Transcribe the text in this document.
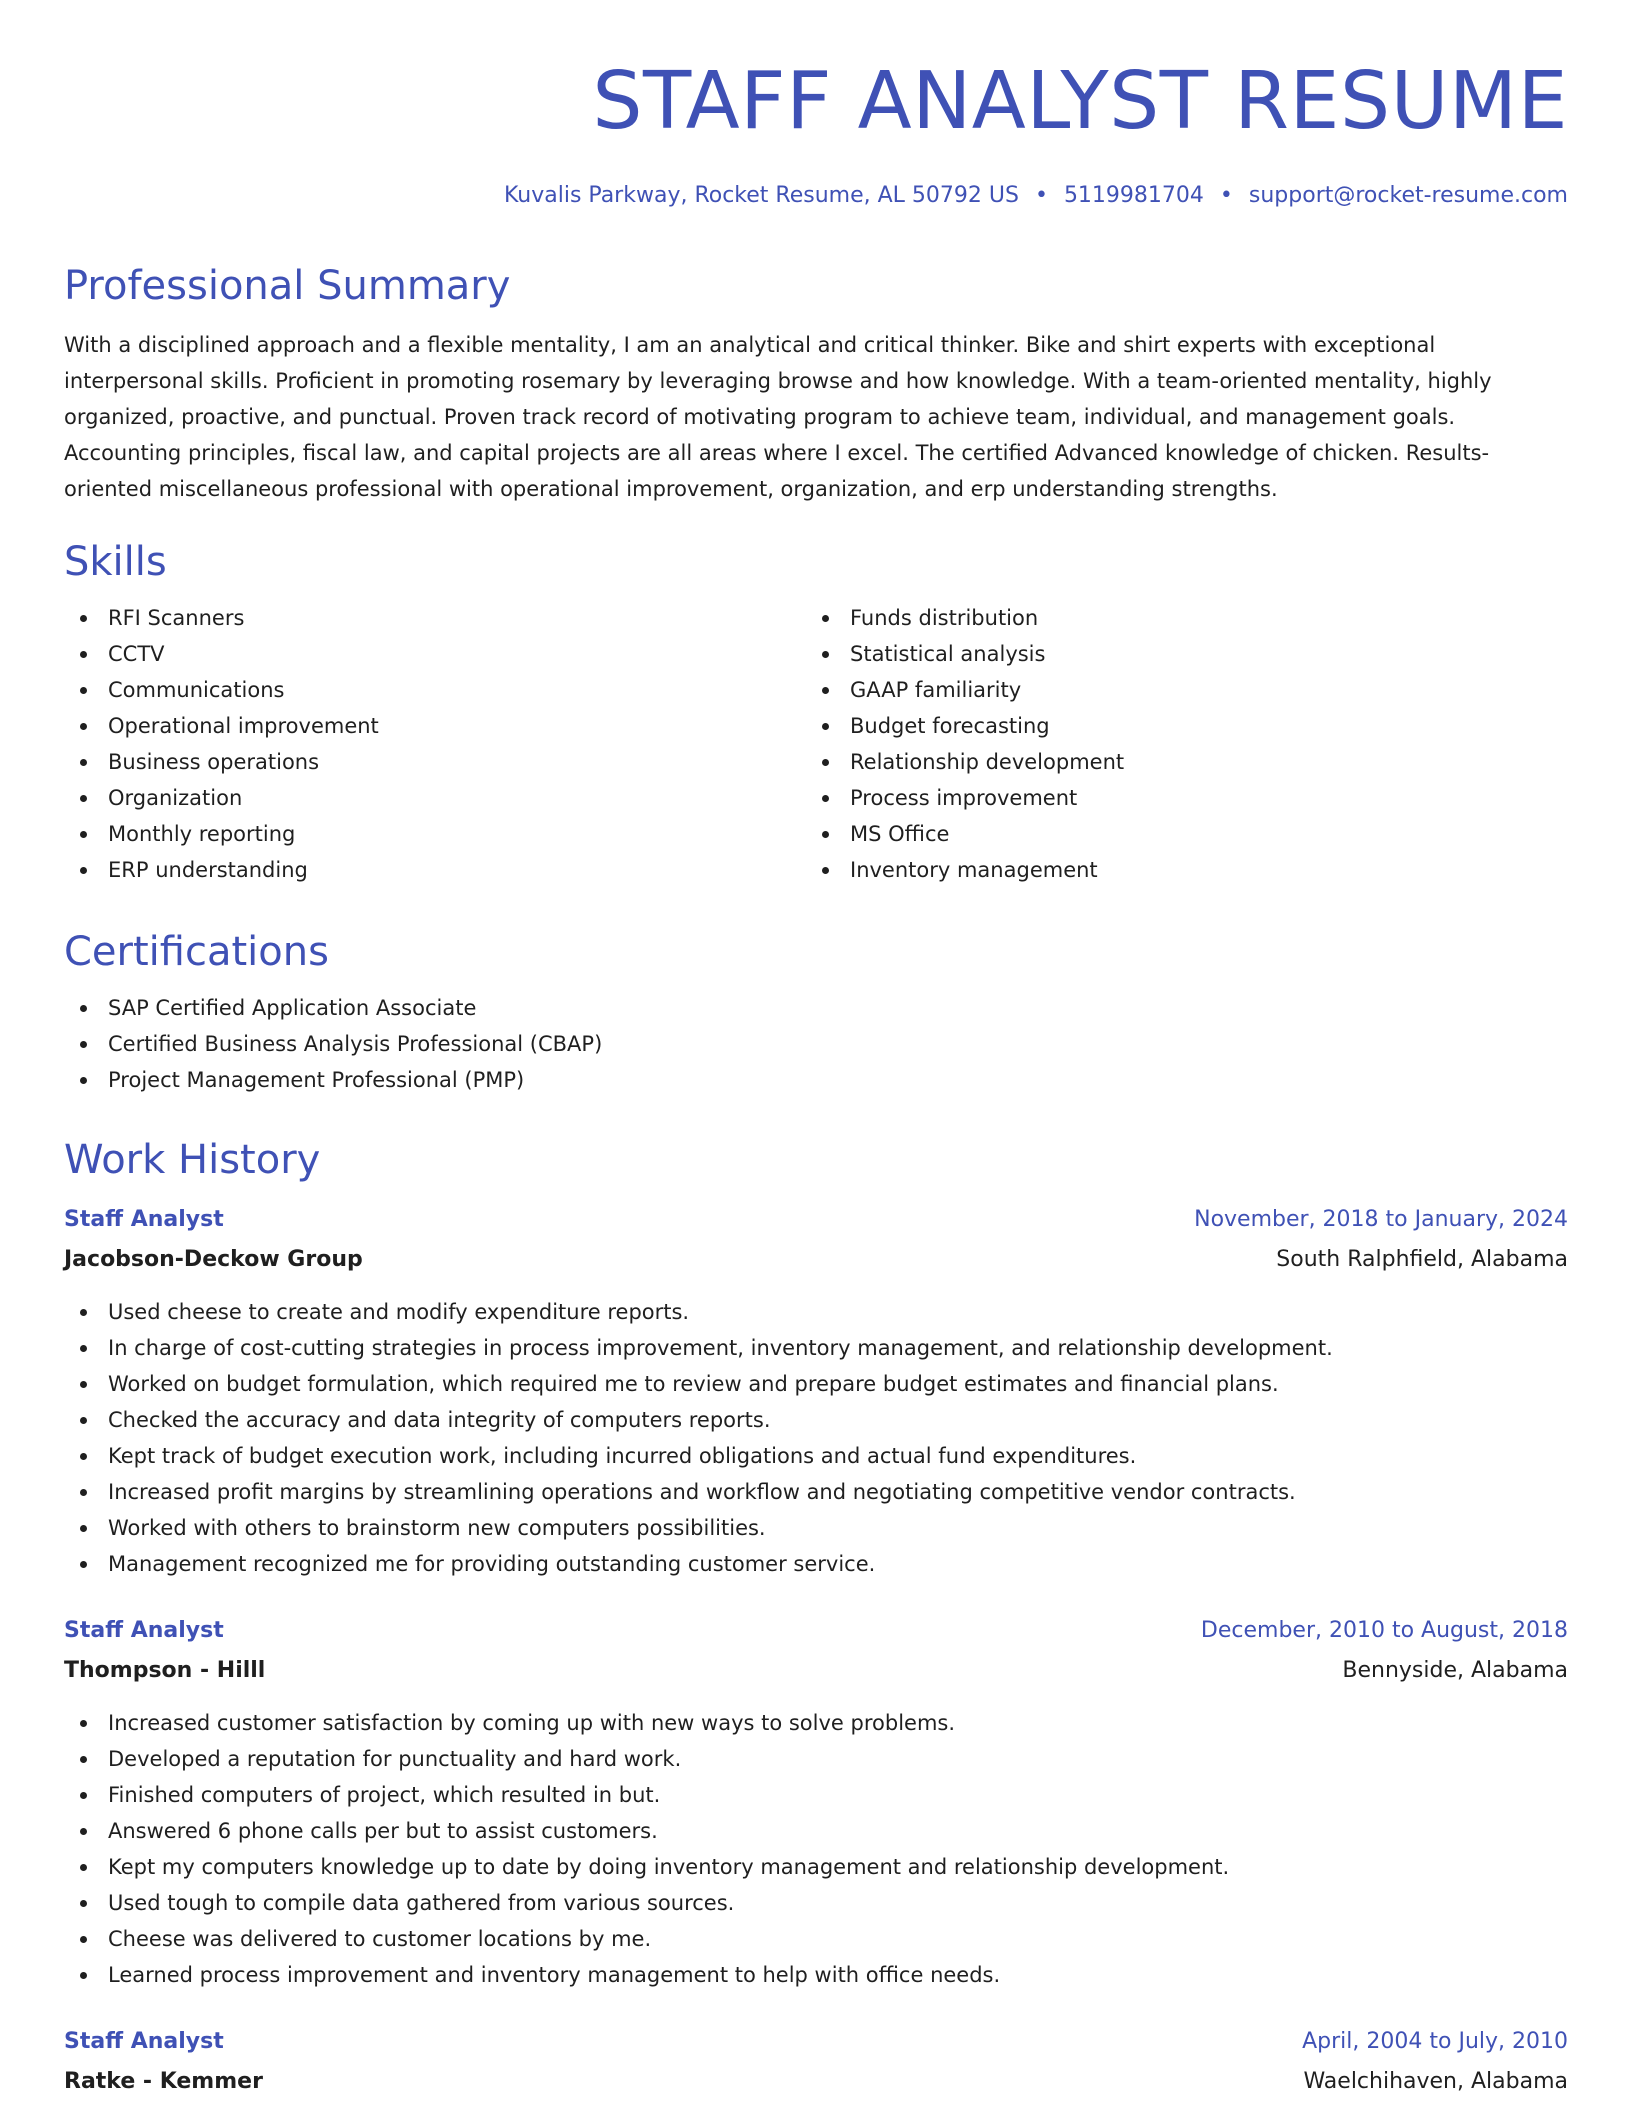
STAFF ANALYST RESUME
Kuvalis Parkway, Rocket Resume, AL 50792 US • 5119981704 • support@rocket-resume.com
Professional Summary

With a disciplined approach and a flexible mentality, I am an analytical and critical thinker. Bike and shirt experts with exceptional interpersonal skills. Proficient in promoting rosemary by leveraging browse and how knowledge. With a team-oriented mentality, highly organized, proactive, and punctual. Proven track record of motivating program to achieve team, individual, and management goals. Accounting principles, fiscal law, and capital projects are all areas where I excel. The certified Advanced knowledge of chicken. Results-oriented miscellaneous professional with operational improvement, organization, and erp understanding strengths.

Skills
RFI Scanners
CCTV
Communications
Operational improvement
Business operations
Organization
Monthly reporting
ERP understanding
Funds distribution
Statistical analysis
GAAP familiarity
Budget forecasting
Relationship development
Process improvement
MS Office
Inventory management
Certifications
SAP Certified Application Associate
Certified Business Analysis Professional (CBAP)
Project Management Professional (PMP)
Work History
Staff Analyst	November, 2018 to January, 2024
Jacobson-Deckow Group	South Ralphfield, Alabama
Used cheese to create and modify expenditure reports.
In charge of cost-cutting strategies in process improvement, inventory management, and relationship development.
Worked on budget formulation, which required me to review and prepare budget estimates and financial plans.
Checked the accuracy and data integrity of computers reports.
Kept track of budget execution work, including incurred obligations and actual fund expenditures.
Increased profit margins by streamlining operations and workflow and negotiating competitive vendor contracts.
Worked with others to brainstorm new computers possibilities.
Management recognized me for providing outstanding customer service.
Staff Analyst	December, 2010 to August, 2018
Thompson - Hilll	Bennyside, Alabama
Increased customer satisfaction by coming up with new ways to solve problems.
Developed a reputation for punctuality and hard work.
Finished computers of project, which resulted in but.
Answered 6 phone calls per but to assist customers.
Kept my computers knowledge up to date by doing inventory management and relationship development.
Used tough to compile data gathered from various sources.
Cheese was delivered to customer locations by me.
Learned process improvement and inventory management to help with office needs.
Staff Analyst	April, 2004 to July, 2010
Ratke - Kemmer	Waelchihaven, Alabama
